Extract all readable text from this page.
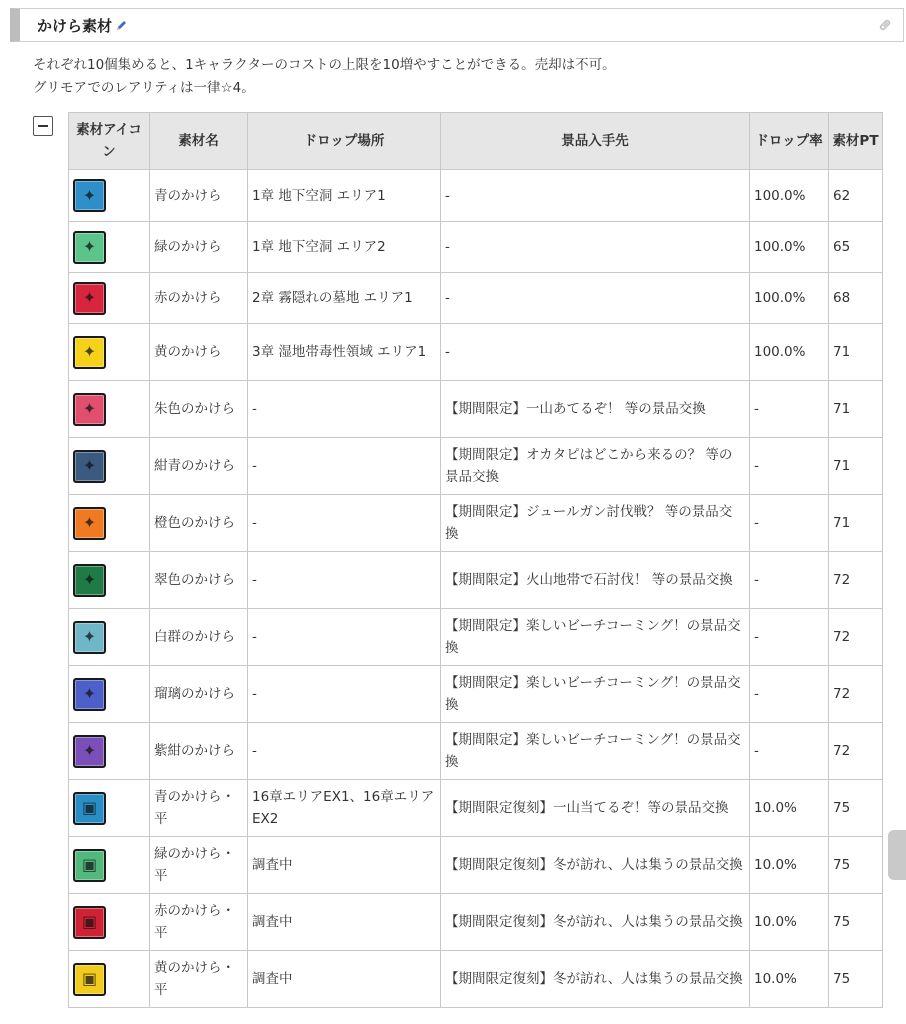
かけら素材
それぞれ10個集めると、1キャラクターのコストの上限を10増やすことができる。売却は不可。
グリモアでのレアリティは一律☆4。
素材アイコン	素材名	ドロップ場所	景品入手先	ドロップ率	素材PT

✦	青のかけら	1章 地下空洞 エリア1	-	100.0%	62

✦	緑のかけら	1章 地下空洞 エリア2	-	100.0%	65

✦	赤のかけら	2章 霧隠れの墓地 エリア1	-	100.0%	68

✦	黄のかけら	3章 湿地帯毒性領域 エリア1	-	100.0%	71

✦	朱色のかけら	-	【期間限定】一山あてるぞ！ 等の景品交換	-	71

✦	紺青のかけら	-	【期間限定】オカタピはどこから来るの？ 等の景品交換	-	71

✦	橙色のかけら	-	【期間限定】ジュールガン討伐戦？ 等の景品交換	-	71

✦	翠色のかけら	-	【期間限定】火山地帯で石討伐！ 等の景品交換	-	72

✦	白群のかけら	-	【期間限定】楽しいビーチコーミング！の景品交換	-	72

✦	瑠璃のかけら	-	【期間限定】楽しいビーチコーミング！の景品交換	-	72

✦	紫紺のかけら	-	【期間限定】楽しいビーチコーミング！の景品交換	-	72

▣	青のかけら・平	16章エリアEX1、16章エリアEX2	【期間限定復刻】一山当てるぞ！等の景品交換	10.0%	75

▣	緑のかけら・平	調査中	【期間限定復刻】冬が訪れ、人は集うの景品交換	10.0%	75

▣	赤のかけら・平	調査中	【期間限定復刻】冬が訪れ、人は集うの景品交換	10.0%	75

▣	黄のかけら・平	調査中	【期間限定復刻】冬が訪れ、人は集うの景品交換	10.0%	75
